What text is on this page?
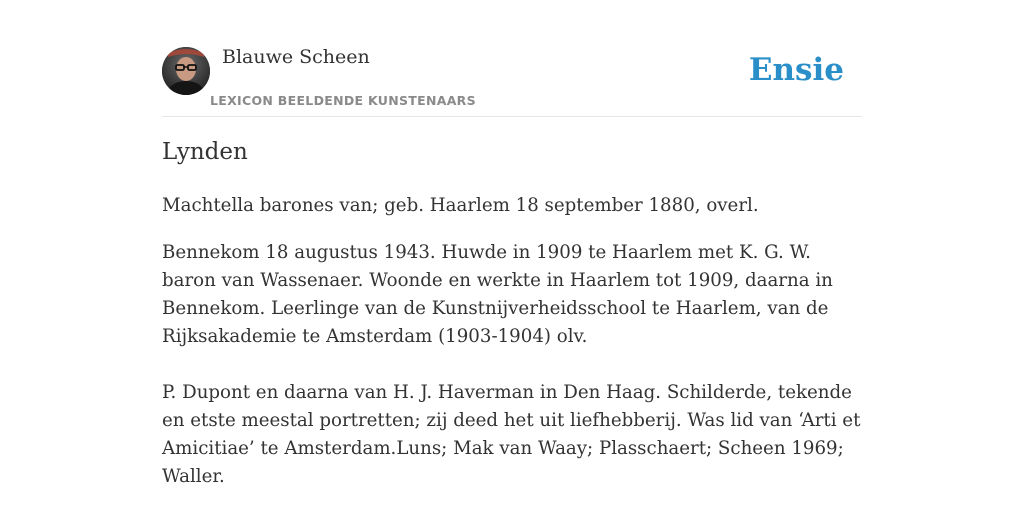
Blauwe Scheen
LEXICON BEELDENDE KUNSTENAARS
Ensie
Lynden

Machtella barones van; geb. Haarlem 18 september 1880, overl.

Bennekom 18 augustus 1943. Huwde in 1909 te Haarlem met K. G. W. baron van Wassenaer. Woonde en werkte in Haarlem tot 1909, daarna in Bennekom. Leerlinge van de Kunstnijverheidsschool te Haarlem, van de Rijksakademie te Amsterdam (1903-1904) olv.

P. Dupont en daarna van H. J. Haverman in Den Haag. Schilderde, tekende en etste meestal portretten; zij deed het uit liefhebberij. Was lid van ‘Arti et Amicitiae’ te Amsterdam.Luns; Mak van Waay; Plasschaert; Scheen 1969; Waller.
